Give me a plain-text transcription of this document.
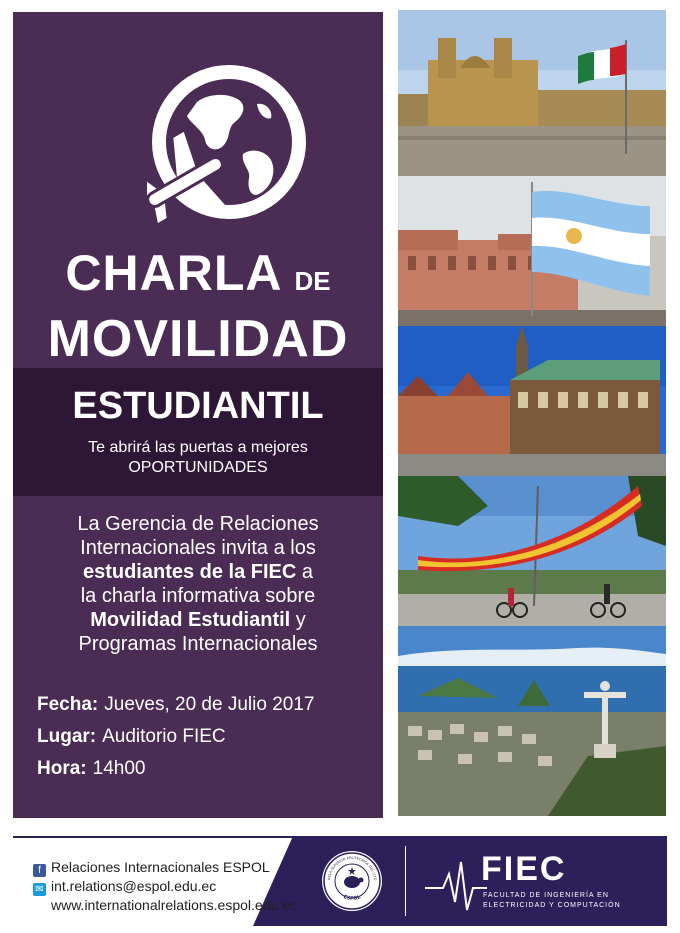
CHARLA DE
MOVILIDAD
ESTUDIANTIL
Te abrirá las puertas a mejores
OPORTUNIDADES
La Gerencia de Relaciones
Internacionales invita a los
estudiantes de la FIEC a
la charla informativa sobre
Movilidad Estudiantil y
Programas Internacionales
Fecha: Jueves, 20 de Julio 2017
Lugar: Auditorio FIEC
Hora: 14h00
f Relaciones Internacionales ESPOL
✉ int.relations@espol.edu.ec
www.internationalrelations.espol.edu.ec
UELA SUPERIOR POLITÉCNICA DEL LITO
ESPOL
FIEC
FACULTAD DE INGENIERÍA EN
ELECTRICIDAD Y COMPUTACIÓN
